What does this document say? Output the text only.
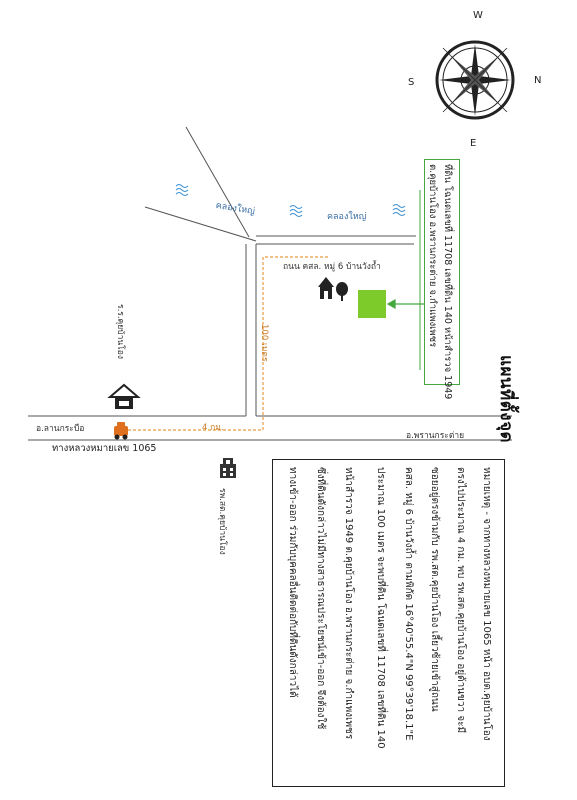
W
N
S
E
แผนที่ตั้งจุด
ที่ดิน โฉนดเลขที่ 11708 เลขที่ดิน 140 หน้าสำรวจ 1949
ต.คุยบ้านโอง อ.พรานกระต่าย จ.กำแพงเพชร
คลองใหญ่
คลองใหญ่
ถนน คสล. หมู่ 6 บ้านวังถ้ำ
100 เมตร
4 กม.
ร.ร.คุยบ้านโอง
อ.ลานกระบือ
อ.พรานกระต่าย
ทางหลวงหมายเลข 1065
รพ.สต.คุยบ้านโอง	หมายเหตุ - จากทางหลวงหมายเลข 1065 หน้า อบต.คุยบ้านโอง
ตรงไปประมาณ 4 กม. พบ รพ.สต.คุยบ้านโอง อยู่ด้านขวา จะมี
ซอยอยู่ตรงข้ามกับ รพ.สต.คุยบ้านโอง เลี้ยวซ้ายเข้าสู่ถนน
คสล. หมู่ 6 บ้านวังถ้ำ ตามพิกัด 16°40'55.4"N 99°39'18.1"E
ประมาณ 100 เมตร จะพบที่ดิน โฉนดเลขที่ 11708 เลขที่ดิน 140
หน้าสำรวจ 1949 ต.คุยบ้านโอง อ.พรานกระต่าย จ.กำแพงเพชร
ซึ่งที่ดินดังกล่าวไม่มีทางสาธารณประโยชน์เข้า-ออก จึงต้องใช้
ทางเข้า-ออก ร่วมกับบุคคลอื่นติดต่อกับที่ดินดังกล่าวได้
